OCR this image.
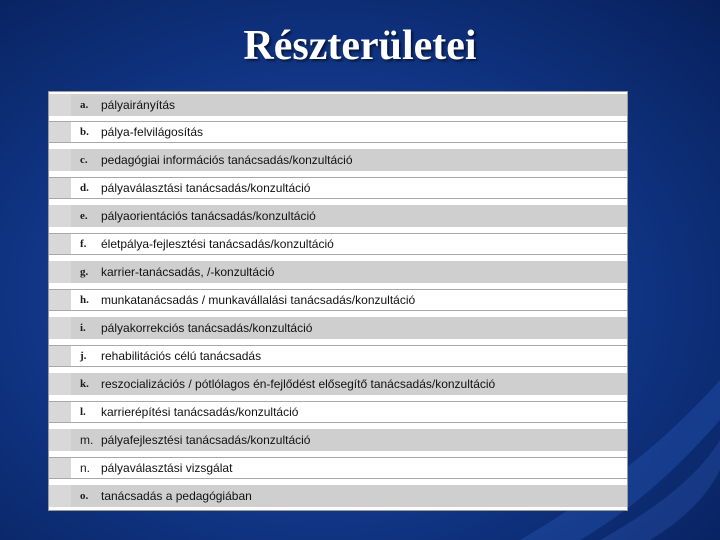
Részterületei
a. pályairányítás
b. pálya-felvilágosítás
c. pedagógiai információs tanácsadás/konzultáció
d. pályaválasztási tanácsadás/konzultáció
e. pályaorientációs tanácsadás/konzultáció
f. életpálya-fejlesztési tanácsadás/konzultáció
g. karrier-tanácsadás, /-konzultáció
h. munkatanácsadás / munkavállalási tanácsadás/konzultáció
i. pályakorrekciós tanácsadás/konzultáció
j. rehabilitációs célú tanácsadás
k. reszocializációs / pótlólagos én-fejlődést elősegítő tanácsadás/konzultáció
l. karrierépítési tanácsadás/konzultáció
m. pályafejlesztési tanácsadás/konzultáció
n. pályaválasztási vizsgálat
o. tanácsadás a pedagógiában
